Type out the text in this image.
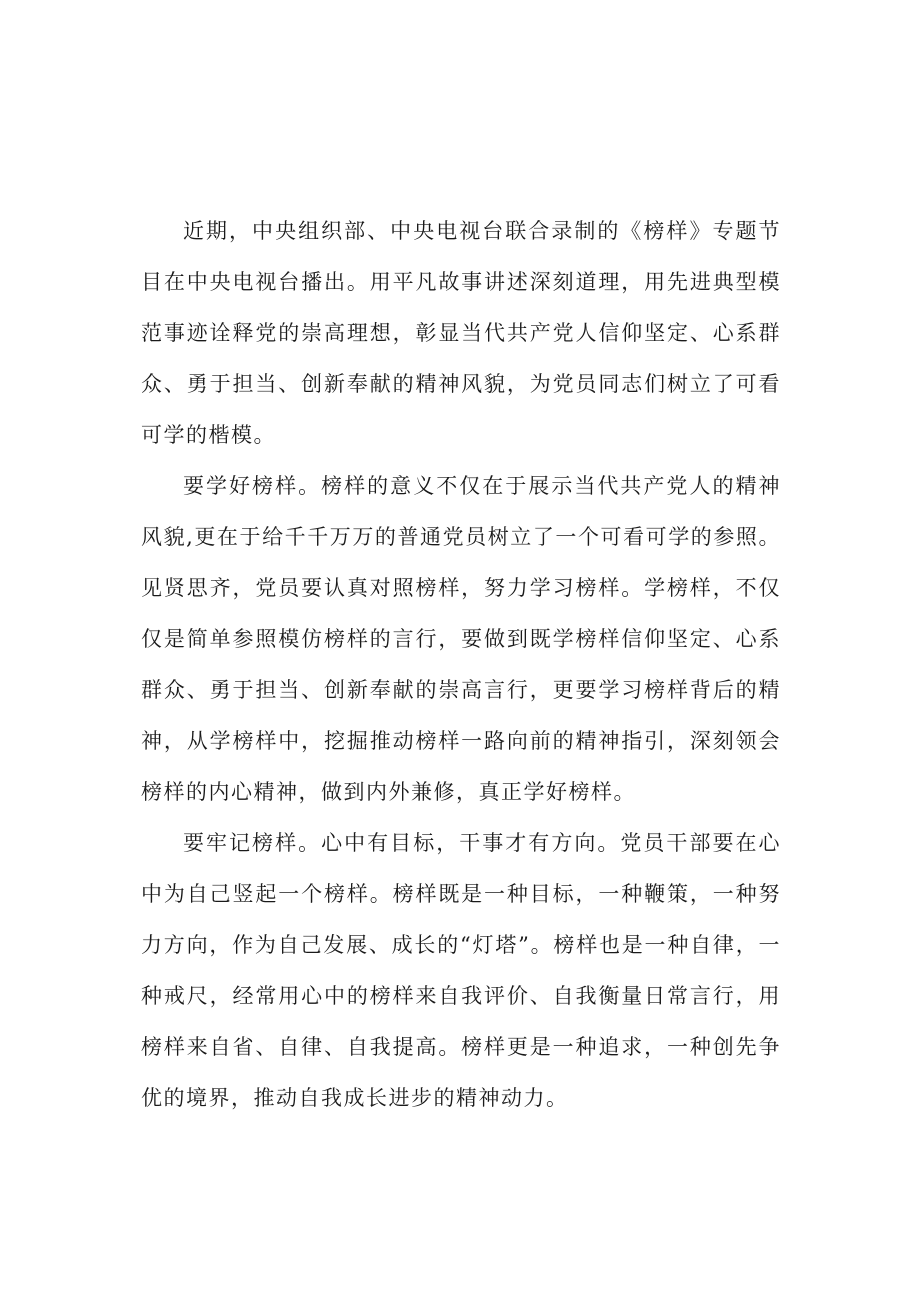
近期，中央组织部、中央电视台联合录制的《榜样》专题节目在中央电视台播出。用平凡故事讲述深刻道理，用先进典型模范事迹诠释党的崇高理想，彰显当代共产党人信仰坚定、心系群众、勇于担当、创新奉献的精神风貌，为党员同志们树立了可看可学的楷模。

要学好榜样。榜样的意义不仅在于展示当代共产党人的精神风貌,更在于给千千万万的普通党员树立了一个可看可学的参照。见贤思齐，党员要认真对照榜样，努力学习榜样。学榜样，不仅仅是简单参照模仿榜样的言行，要做到既学榜样信仰坚定、心系群众、勇于担当、创新奉献的崇高言行，更要学习榜样背后的精神，从学榜样中，挖掘推动榜样一路向前的精神指引，深刻领会榜样的内心精神，做到内外兼修，真正学好榜样。

要牢记榜样。心中有目标，干事才有方向。党员干部要在心中为自己竖起一个榜样。榜样既是一种目标，一种鞭策，一种努力方向，作为自己发展、成长的“灯塔”。榜样也是一种自律，一种戒尺，经常用心中的榜样来自我评价、自我衡量日常言行，用榜样来自省、自律、自我提高。榜样更是一种追求，一种创先争优的境界，推动自我成长进步的精神动力。
